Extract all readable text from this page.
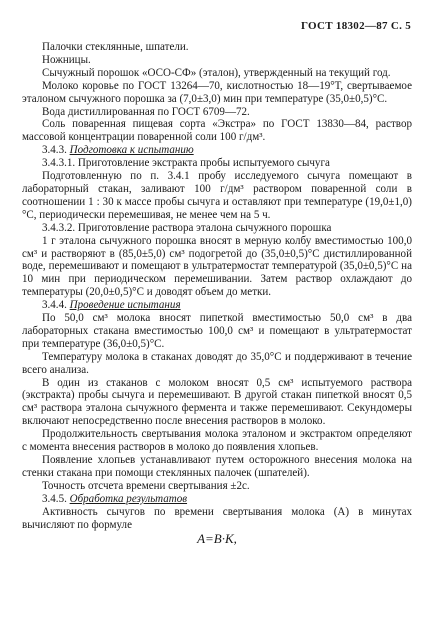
ГОСТ 18302—87 С. 5

Палочки стеклянные, шпатели.

Ножницы.

Сычужный порошок «ОСО-СФ» (эталон), утвержденный на текущий год.

Молоко коровье по ГОСТ 13264—70, кислотностью 18—19°Т, свертываемое эталоном сычужного порошка за (7,0±3,0) мин при температуре (35,0±0,5)°С.

Вода дистиллированная по ГОСТ 6709—72.

Соль поваренная пищевая сорта «Экстра» по ГОСТ 13830—84, раствор массовой концентрации поваренной соли 100 г/дм³.

3.4.3. Подготовка к испытанию

3.4.3.1. Приготовление экстракта пробы испытуемого сычуга

Подготовленную по п. 3.4.1 пробу исследуемого сычуга помещают в лабораторный стакан, заливают 100 г/дм³ раствором поваренной соли в соотношении 1 : 30 к массе пробы сычуга и оставляют при температуре (19,0±1,0)°С, периодически перемешивая, не менее чем на 5 ч.

3.4.3.2. Приготовление раствора эталона сычужного порошка

1 г эталона сычужного порошка вносят в мерную колбу вместимостью 100,0 см³ и растворяют в (85,0±5,0) см³ подогретой до (35,0±0,5)°С дистиллированной воде, перемешивают и помещают в ультратермостат температурой (35,0±0,5)°С на 10 мин при периодическом перемешивании. Затем раствор охлаждают до температуры (20,0±0,5)°С и доводят объем до метки.

3.4.4. Проведение испытания

По 50,0 см³ молока вносят пипеткой вместимостью 50,0 см³ в два лабораторных стакана вместимостью 100,0 см³ и помещают в ультратермостат при температуре (36,0±0,5)°С.

Температуру молока в стаканах доводят до 35,0°С и поддерживают в течение всего анализа.

В один из стаканов с молоком вносят 0,5 см³ испытуемого раствора (экстракта) пробы сычуга и перемешивают. В другой стакан пипеткой вносят 0,5 см³ раствора эталона сычужного фермента и также перемешивают. Секундомеры включают непосредственно после внесения растворов в молоко.

Продолжительность свертывания молока эталоном и экстрактом определяют с момента внесения растворов в молоко до появления хлопьев.

Появление хлопьев устанавливают путем осторожного внесения молока на стенки стакана при помощи стеклянных палочек (шпателей).

Точность отсчета времени свертывания ±2с.

3.4.5. Обработка результатов

Активность сычугов по времени свертывания молока (А) в минутах вычисляют по формуле

A=B·K,
